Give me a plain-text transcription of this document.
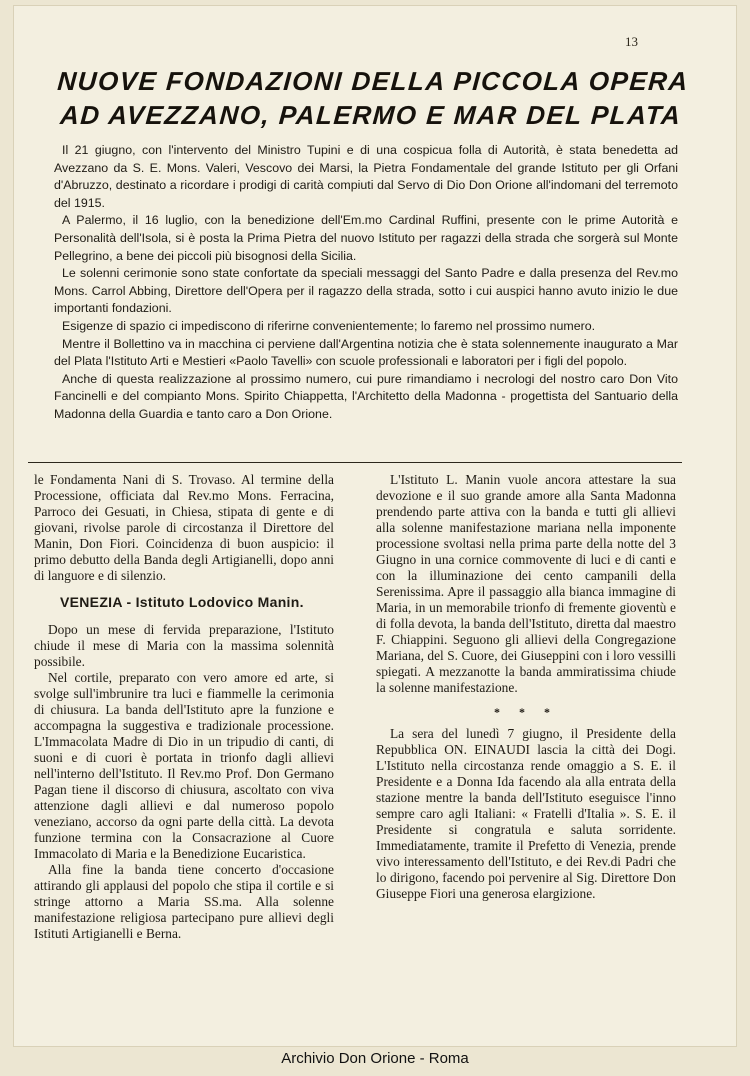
13
NUOVE FONDAZIONI DELLA PICCOLA OPERA
AD AVEZZANO, PALERMO E MAR DEL PLATA

Il 21 giugno, con l'intervento del Ministro Tupini e di una cospicua folla di Autorità, è stata benedetta ad Avezzano da S. E. Mons. Valeri, Vescovo dei Marsi, la Pietra Fondamentale del grande Istituto per gli Orfani d'Abruzzo, destinato a ricordare i prodigi di carità compiuti dal Servo di Dio Don Orione all'indomani del terremoto del 1915.

A Palermo, il 16 luglio, con la benedizione dell'Em.mo Cardinal Ruffini, presente con le prime Autorità e Personalità dell'Isola, si è posta la Prima Pietra del nuovo Istituto per ragazzi della strada che sorgerà sul Monte Pellegrino, a bene dei piccoli più bisognosi della Sicilia.

Le solenni cerimonie sono state confortate da speciali messaggi del Santo Padre e dalla presenza del Rev.mo Mons. Carrol Abbing, Direttore dell'Opera per il ragazzo della strada, sotto i cui auspici hanno avuto inizio le due importanti fondazioni.

Esigenze di spazio ci impediscono di riferirne convenientemente; lo faremo nel prossimo numero.

Mentre il Bollettino va in macchina ci perviene dall'Argentina notizia che è stata solennemente inaugurato a Mar del Plata l'Istituto Arti e Mestieri «Paolo Tavelli» con scuole professionali e laboratori per i figli del popolo.

Anche di questa realizzazione al prossimo numero, cui pure rimandiamo i necrologi del nostro caro Don Vito Fancinelli e del compianto Mons. Spirito Chiappetta, l'Architetto della Madonna - progettista del Santuario della Madonna della Guardia e tanto caro a Don Orione.

le Fondamenta Nani di S. Trovaso. Al termine della Processione, officiata dal Rev.mo Mons. Ferracina, Parroco dei Gesuati, in Chiesa, stipata di gente e di giovani, rivolse parole di circostanza il Direttore del Manin, Don Fiori. Coincidenza di buon auspicio: il primo debutto della Banda degli Artigianelli, dopo anni di languore e di silenzio.

VENEZIA - Istituto Lodovico Manin.

Dopo un mese di fervida preparazione, l'Istituto chiude il mese di Maria con la massima solennità possibile.

Nel cortile, preparato con vero amore ed arte, si svolge sull'imbrunire tra luci e fiammelle la cerimonia di chiusura. La banda dell'Istituto apre la funzione e accompagna la suggestiva e tradizionale processione. L'Immacolata Madre di Dio in un tripudio di canti, di suoni e di cuori è portata in trionfo dagli allievi nell'interno dell'Istituto. Il Rev.mo Prof. Don Germano Pagan tiene il discorso di chiusura, ascoltato con viva attenzione dagli allievi e dal numeroso popolo veneziano, accorso da ogni parte della città. La devota funzione termina con la Consacrazione al Cuore Immacolato di Maria e la Benedizione Eucaristica.

Alla fine la banda tiene concerto d'occasione attirando gli applausi del popolo che stipa il cortile e si stringe attorno a Maria SS.ma. Alla solenne manifestazione religiosa partecipano pure allievi degli Istituti Artigianelli e Berna.

L'Istituto L. Manin vuole ancora attestare la sua devozione e il suo grande amore alla Santa Madonna prendendo parte attiva con la banda e tutti gli allievi alla solenne manifestazione mariana nella imponente processione svoltasi nella prima parte della notte del 3 Giugno in una cornice commovente di luci e di canti e con la illuminazione dei cento campanili della Serenissima. Apre il passaggio alla bianca immagine di Maria, in un memorabile trionfo di fremente gioventù e di folla devota, la banda dell'Istituto, diretta dal maestro F. Chiappini. Seguono gli allievi della Congregazione Mariana, del S. Cuore, dei Giuseppini con i loro vessilli spiegati. A mezzanotte la banda ammiratissima chiude la solenne manifestazione.

* * *

La sera del lunedì 7 giugno, il Presidente della Repubblica ON. EINAUDI lascia la città dei Dogi. L'Istituto nella circostanza rende omaggio a S. E. il Presidente e a Donna Ida facendo ala alla entrata della stazione mentre la banda dell'Istituto eseguisce l'inno sempre caro agli Italiani: « Fratelli d'Italia ». S. E. il Presidente si congratula e saluta sorridente. Immediatamente, tramite il Prefetto di Venezia, prende vivo interessamento dell'Istituto, e dei Rev.di Padri che lo dirigono, facendo poi pervenire al Sig. Direttore Don Giuseppe Fiori una generosa elargizione.

Archivio Don Orione - Roma
